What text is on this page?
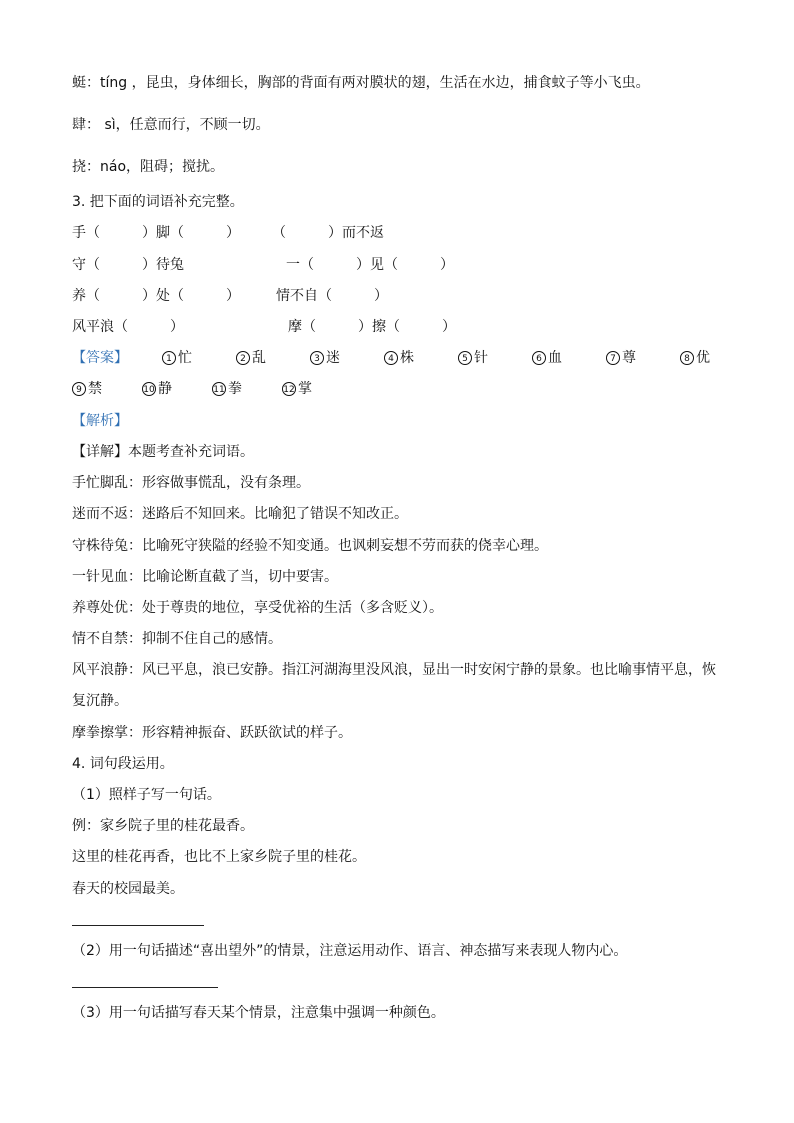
蜓：tíng ，昆虫，身体细长，胸部的背面有两对膜状的翅，生活在水边，捕食蚊子等小飞虫。
肆： sì，任意而行，不顾一切。
挠：náo，阻碍；搅扰。
3. 把下面的词语补充完整。
手（　　　）脚（　　　） （　　　）而不返
守（　　　）待兔	一（　　　）见（　　　）
养（　　　）处（　　　）	情不自（　　　）
风平浪（　　　）	摩（　　　）擦（　　　）
【答案】	1 忙	2 乱	3 迷	4 株	5 针	6 血	7 尊	8 优
9 禁	10 静	11 拳	12 掌
【解析】
【详解】本题考查补充词语。
手忙脚乱：形容做事慌乱，没有条理。
迷而不返：迷路后不知回来。比喻犯了错误不知改正。
守株待兔：比喻死守狭隘的经验不知变通。也讽刺妄想不劳而获的侥幸心理。
一针见血：比喻论断直截了当，切中要害。
养尊处优：处于尊贵的地位，享受优裕的生活（多含贬义）。
情不自禁：抑制不住自己的感情。
风平浪静：风已平息，浪已安静。指江河湖海里没风浪，显出一时安闲宁静的景象。也比喻事情平息，恢
复沉静。
摩拳擦掌：形容精神振奋、跃跃欲试的样子。
4. 词句段运用。
（1）照样子写一句话。
例：家乡院子里的桂花最香。
这里的桂花再香，也比不上家乡院子里的桂花。
春天的校园最美。
（2）用一句话描述“喜出望外”的情景，注意运用动作、语言、神态描写来表现人物内心。
（3）用一句话描写春天某个情景，注意集中强调一种颜色。
